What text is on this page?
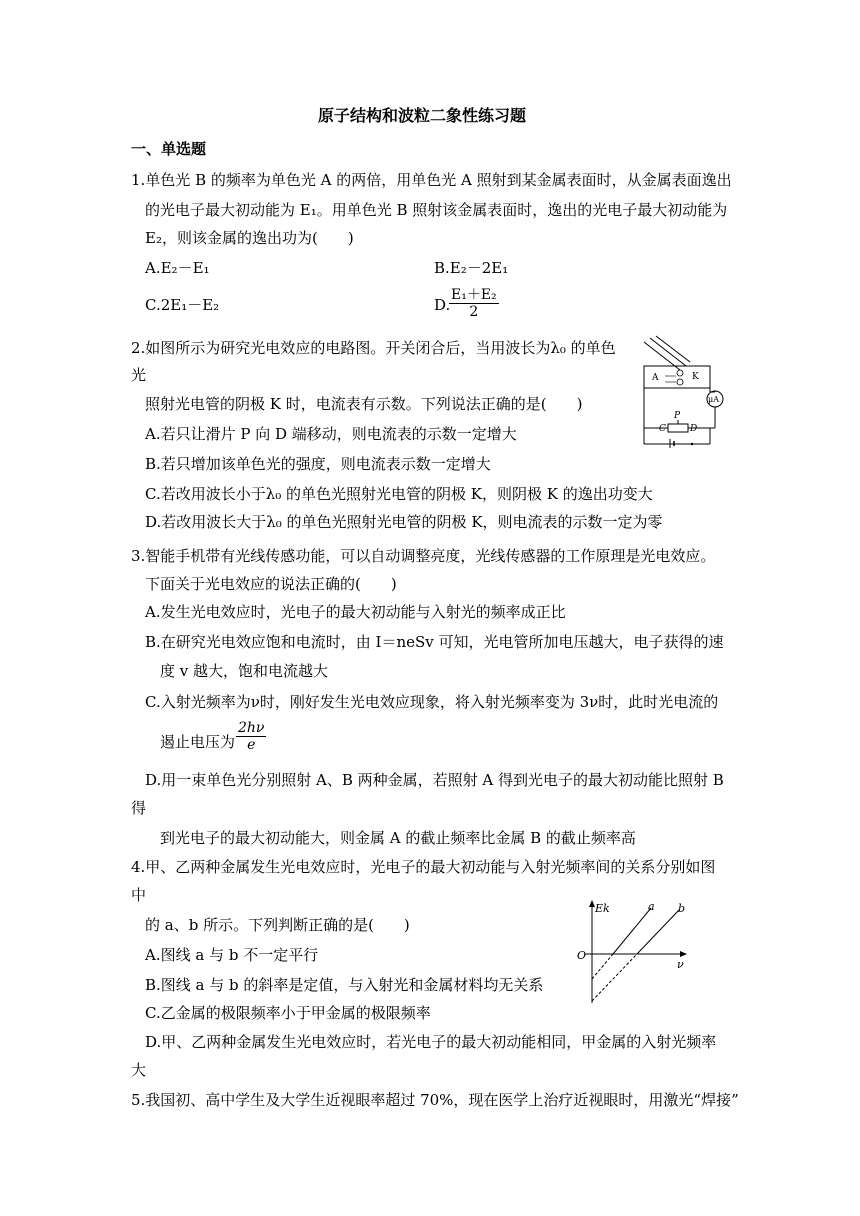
原子结构和波粒二象性练习题
一、单选题
1.单色光 B 的频率为单色光 A 的两倍，用单色光 A 照射到某金属表面时，从金属表面逸出
的光电子最大初动能为 E₁。用单色光 B 照射该金属表面时，逸出的光电子最大初动能为
E₂，则该金属的逸出功为(　　)
A.E₂－E₁	B.E₂－2E₁
C.2E₁－E₂	D.
$\frac{\text{E₁＋E₂}}{2}$
2.如图所示为研究光电效应的电路图。开关闭合后，当用波长为λ₀ 的单色
光
照射光电管的阴极 K 时，电流表有示数。下列说法正确的是(　　)
A.若只让滑片 P 向 D 端移动，则电流表的示数一定增大
B.若只增加该单色光的强度，则电流表示数一定增大
C.若改用波长小于λ₀ 的单色光照射光电管的阴极 K，则阴极 K 的逸出功变大
D.若改用波长大于λ₀ 的单色光照射光电管的阴极 K，则电流表的示数一定为零
A	K
μA
P
C	D
3.智能手机带有光线传感功能，可以自动调整亮度，光线传感器的工作原理是光电效应。
下面关于光电效应的说法正确的(　　)
A.发生光电效应时，光电子的最大初动能与入射光的频率成正比
B.在研究光电效应饱和电流时，由 I＝neSv 可知，光电管所加电压越大，电子获得的速
度 v 越大，饱和电流越大
C.入射光频率为ν时，刚好发生光电效应现象，将入射光频率变为 3ν时，此时光电流的
遏止电压为 $\frac{2h\nu}{e}$
D.用一束单色光分别照射 A、B 两种金属，若照射 A 得到光电子的最大初动能比照射 B
得
到光电子的最大初动能大，则金属 A 的截止频率比金属 B 的截止频率高
4.甲、乙两种金属发生光电效应时，光电子的最大初动能与入射光频率间的关系分别如图
中
的 a、b 所示。下列判断正确的是(　　)
A.图线 a 与 b 不一定平行
B.图线 a 与 b 的斜率是定值，与入射光和金属材料均无关系
C.乙金属的极限频率小于甲金属的极限频率
D.甲、乙两种金属发生光电效应时，若光电子的最大初动能相同，甲金属的入射光频率
大
Ek
ν
O
a b
5.我国初、高中学生及大学生近视眼率超过 70%，现在医学上治疗近视眼时，用激光“焊接”
